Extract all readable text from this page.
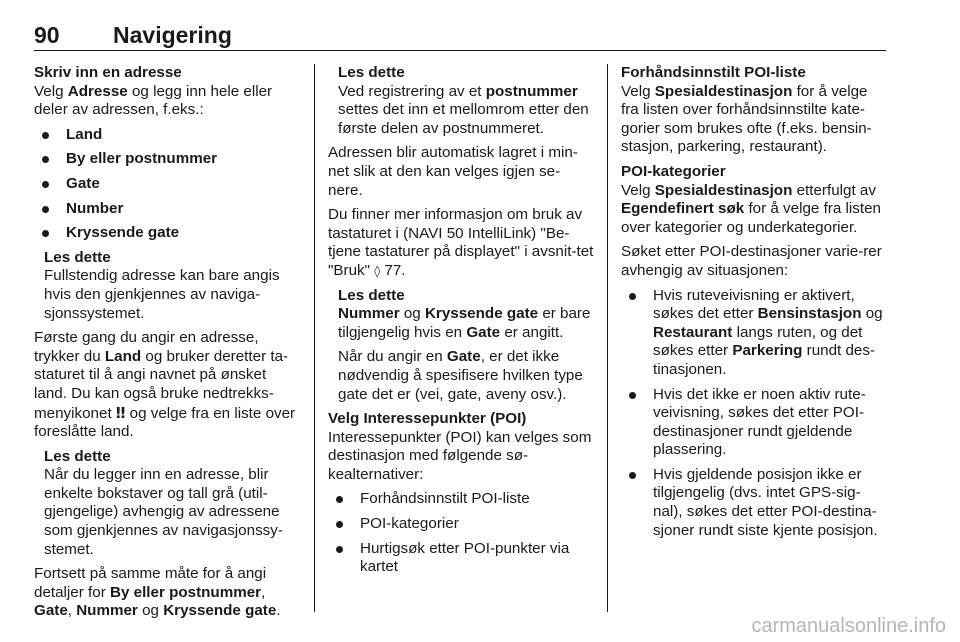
90 Navigering

Skriv inn en adresse
Velg Adresse og legg inn hele eller deler av adressen, f.eks.:

Land
By eller postnummer
Gate
Number
Kryssende gate
Les dette
Fullstendig adresse kan bare angis hvis den gjenkjennes av naviga-sjonssystemet.

Første gang du angir en adresse, trykker du Land og bruker deretter ta-staturet til å angi navnet på ønsket land. Du kan også bruke nedtrekks-menyikonet ‼ og velge fra en liste over foreslåtte land.

Les dette
Når du legger inn en adresse, blir enkelte bokstaver og tall grå (util-gjengelige) avhengig av adressene som gjenkjennes av navigasjonssy-stemet.

Fortsett på samme måte for å angi detaljer for By eller postnummer,
Gate, Nummer og Kryssende gate.

Les dette
Ved registrering av et postnummer settes det inn et mellomrom etter den første delen av postnummeret.

Adressen blir automatisk lagret i min-net slik at den kan velges igjen se-nere.

Du finner mer informasjon om bruk av tastaturet i (NAVI 50 IntelliLink) "Be-tjene tastaturer på displayet" i avsnit-tet "Bruk" ◊ 77.

Les dette

Nummer og Kryssende gate er bare tilgjengelig hvis en Gate er angitt.

Når du angir en Gate, er det ikke nødvendig å spesifisere hvilken type gate det er (vei, gate, aveny osv.).

Velg Interessepunkter (POI)
Interessepunkter (POI) kan velges som destinasjon med følgende sø-kealternativer:

Forhåndsinnstilt POI-liste
POI-kategorier
Hurtigsøk etter POI-punkter via kartet

Forhåndsinnstilt POI-liste
Velg Spesialdestinasjon for å velge fra listen over forhåndsinnstilte kate-gorier som brukes ofte (f.eks. bensin-stasjon, parkering, restaurant).

POI-kategorier
Velg Spesialdestinasjon etterfulgt av Egendefinert søk for å velge fra listen over kategorier og underkategorier.

Søket etter POI-destinasjoner varie-rer avhengig av situasjonen:

Hvis ruteveivisning er aktivert, søkes det etter Bensinstasjon og Restaurant langs ruten, og det søkes etter Parkering rundt des-tinasjonen.
Hvis det ikke er noen aktiv rute-veivisning, søkes det etter POI-destinasjoner rundt gjeldende plassering.
Hvis gjeldende posisjon ikke er tilgjengelig (dvs. intet GPS-sig-nal), søkes det etter POI-destina-sjoner rundt siste kjente posisjon.
carmanualsonline.info
